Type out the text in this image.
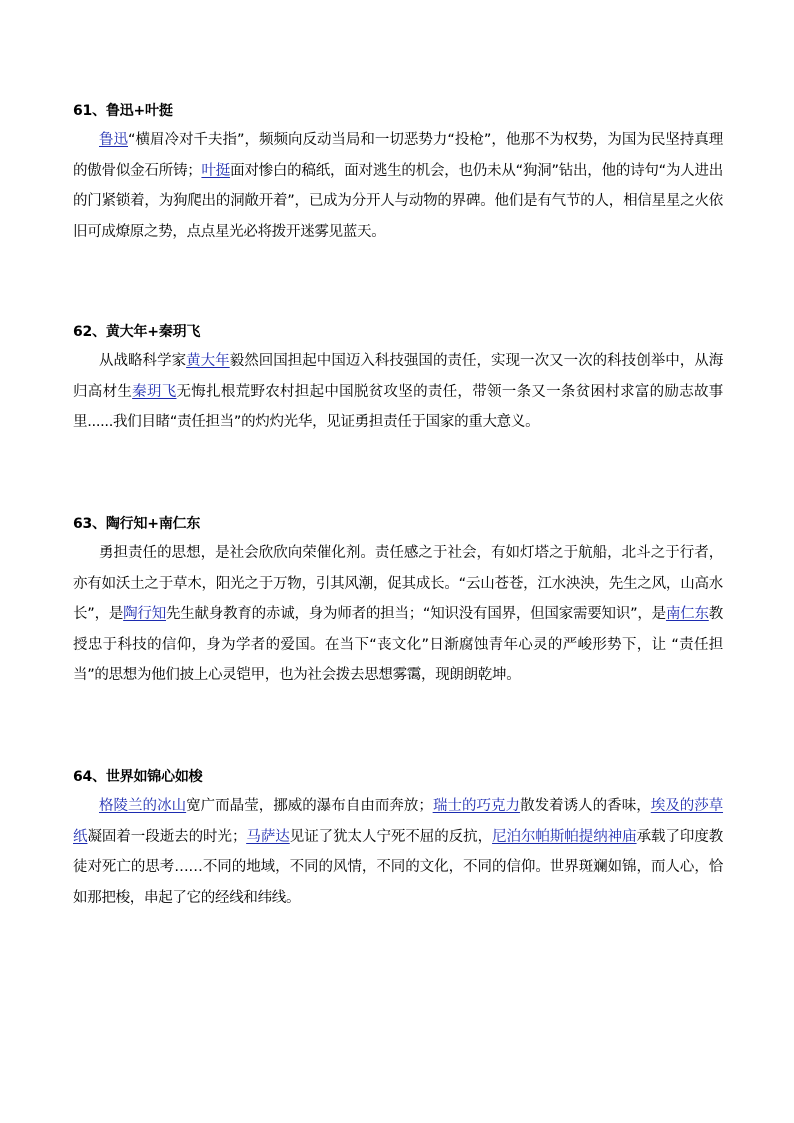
61、鲁迅+叶挺
鲁迅“横眉冷对千夫指”，频频向反动当局和一切恶势力“投枪”，他那不为权势，为国为民坚持真理的傲骨似金石所铸；叶挺面对惨白的稿纸，面对逃生的机会，也仍未从“狗洞”钻出，他的诗句“为人进出的门紧锁着，为狗爬出的洞敞开着”，已成为分开人与动物的界碑。他们是有气节的人，相信星星之火依旧可成燎原之势，点点星光必将拨开迷雾见蓝天。
62、黄大年+秦玥飞
从战略科学家黄大年毅然回国担起中国迈入科技强国的责任，实现一次又一次的科技创举中，从海归高材生秦玥飞无悔扎根荒野农村担起中国脱贫攻坚的责任，带领一条又一条贫困村求富的励志故事里......我们目睹“责任担当”的灼灼光华，见证勇担责任于国家的重大意义。
63、陶行知+南仁东
勇担责任的思想，是社会欣欣向荣催化剂。责任感之于社会，有如灯塔之于航船，北斗之于行者，亦有如沃土之于草木，阳光之于万物，引其风潮，促其成长。“云山苍苍，江水泱泱，先生之风，山高水长”，是陶行知先生献身教育的赤诚，身为师者的担当；“知识没有国界，但国家需要知识”，是南仁东教授忠于科技的信仰，身为学者的爱国。在当下“丧文化”日渐腐蚀青年心灵的严峻形势下，让 “责任担当”的思想为他们披上心灵铠甲，也为社会拨去思想雾霭，现朗朗乾坤。
64、世界如锦心如梭
格陵兰的冰山宽广而晶莹，挪威的瀑布自由而奔放；瑞士的巧克力散发着诱人的香味，埃及的莎草纸凝固着一段逝去的时光；马萨达见证了犹太人宁死不屈的反抗，尼泊尔帕斯帕提纳神庙承载了印度教徒对死亡的思考……不同的地域，不同的风情，不同的文化，不同的信仰。世界斑斓如锦，而人心，恰如那把梭，串起了它的经线和纬线。
